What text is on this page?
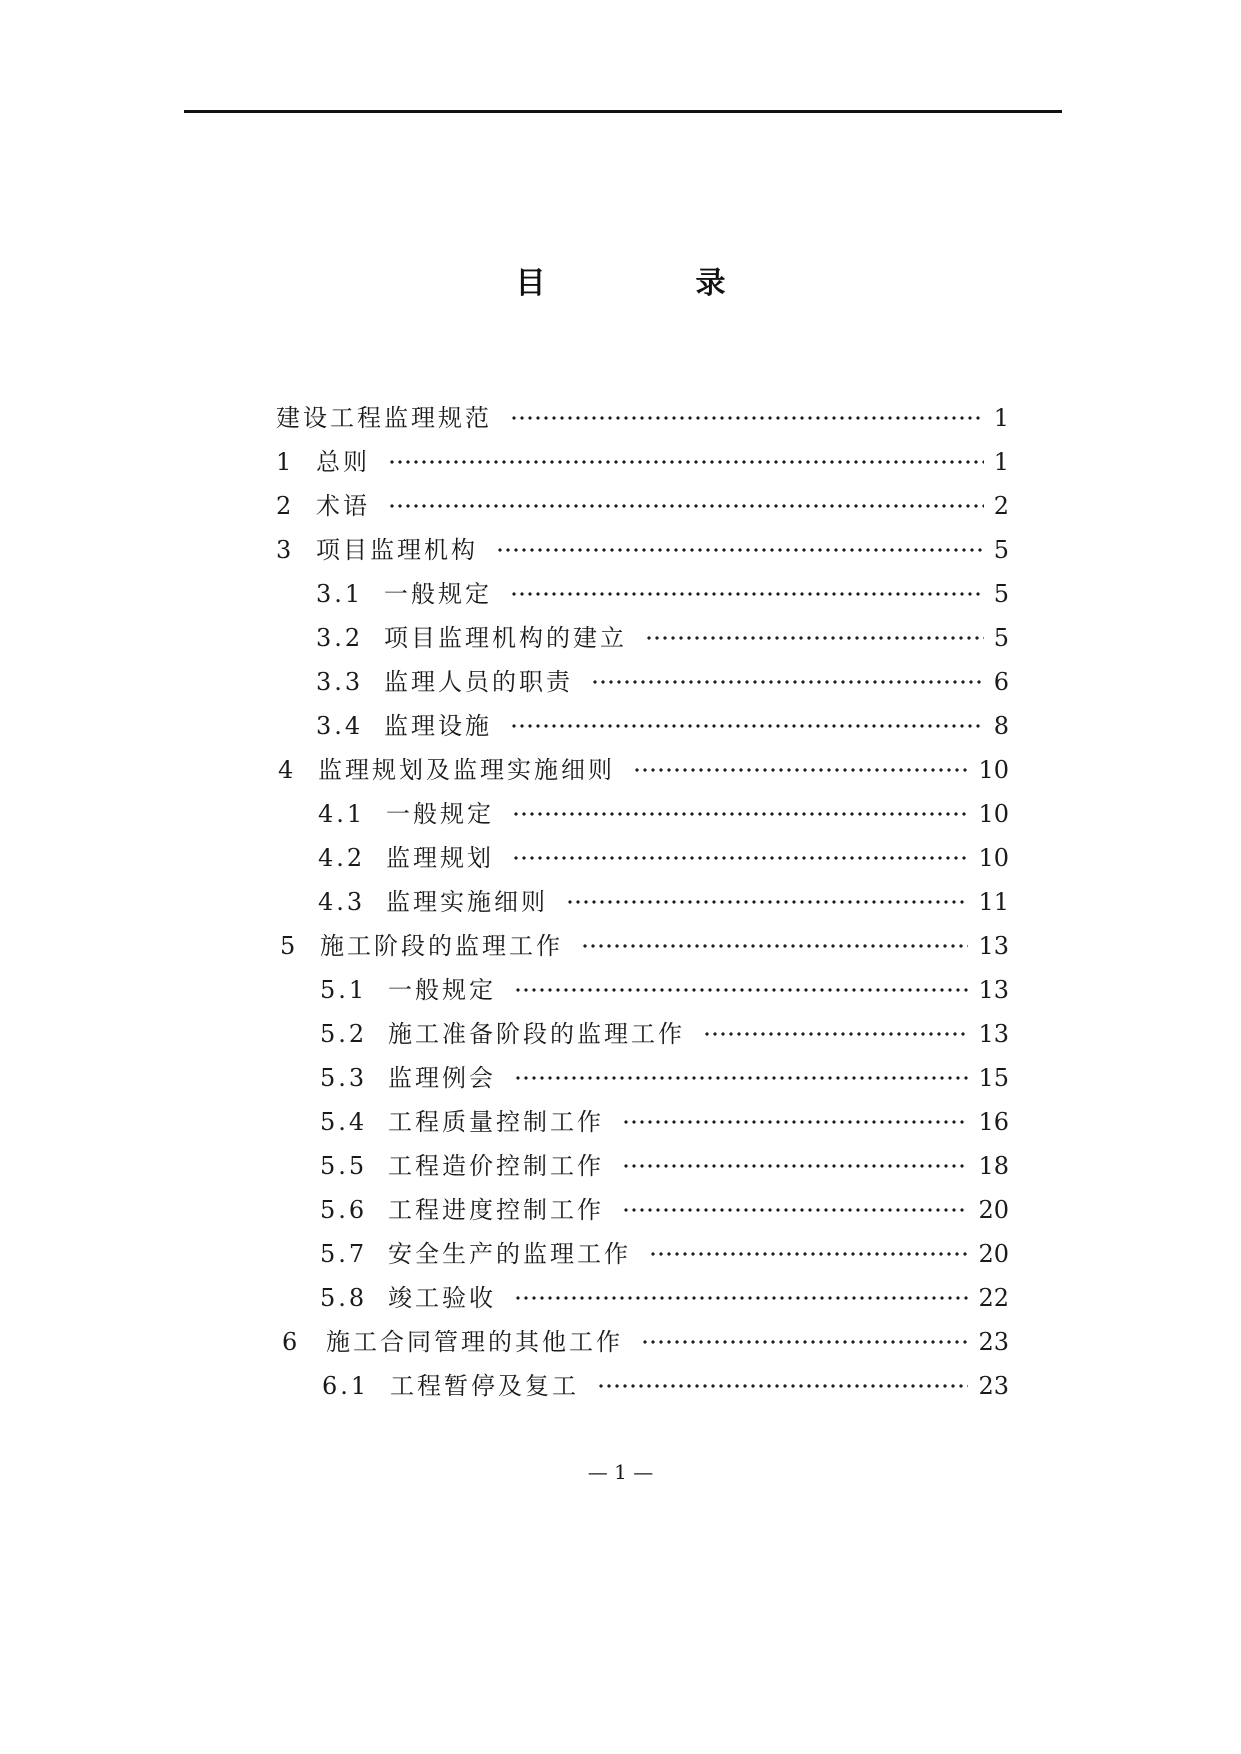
目　录
建设工程监理规范	1
1 总则	1
2 术语	2
3 项目监理机构	5
3.1 一般规定	5
3.2 项目监理机构的建立	5
3.3 监理人员的职责	6
3.4 监理设施	8
4 监理规划及监理实施细则	10
4.1 一般规定	10
4.2 监理规划	10
4.3 监理实施细则	11
5 施工阶段的监理工作	13
5.1 一般规定	13
5.2 施工准备阶段的监理工作	13
5.3 监理例会	15
5.4 工程质量控制工作	16
5.5 工程造价控制工作	18
5.6 工程进度控制工作	20
5.7 安全生产的监理工作	20
5.8 竣工验收	22
6	施工合同管理的其他工作	23
6.1 工程暂停及复工	23
— 1 —
